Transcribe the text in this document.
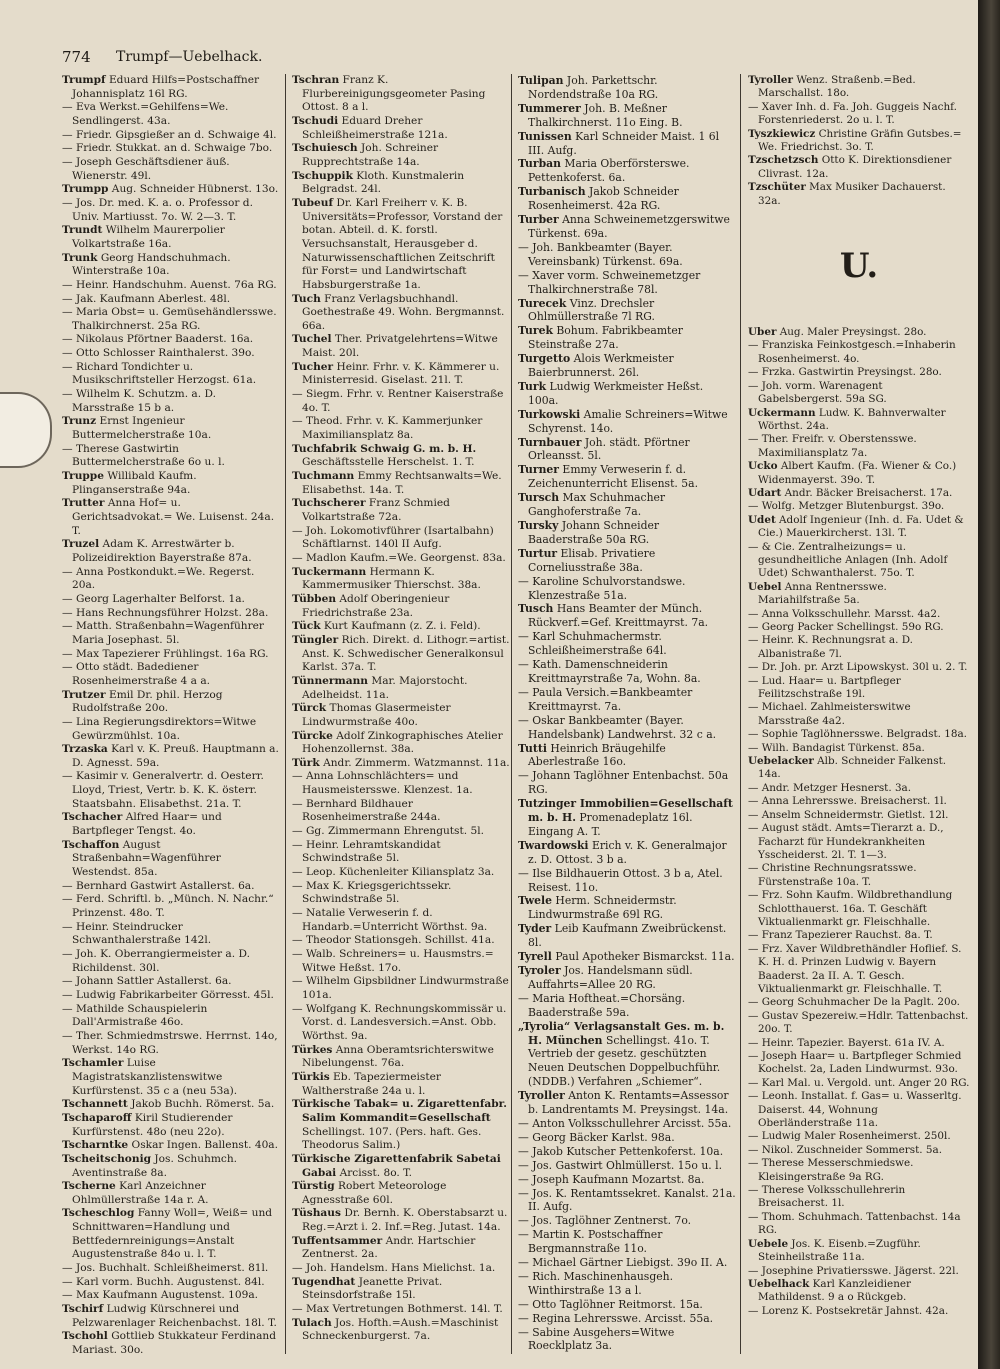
774 Trumpf—Uebelhack.

Trumpf Eduard Hilfs=Postschaffner Johannisplatz 16l RG.

— Eva Werkst.=Gehilfens=We. Sendlingerst. 43a.

— Friedr. Gipsgießer an d. Schwaige 4l.

— Friedr. Stukkat. an d. Schwaige 7bo.

— Joseph Geschäftsdiener äuß. Wienerstr. 49l.

Trumpp Aug. Schneider Hübnerst. 13o.

— Jos. Dr. med. K. a. o. Professor d. Univ. Martiusst. 7o. W. 2—3. T.

Trundt Wilhelm Maurerpolier Volkartstraße 16a.

Trunk Georg Handschuhmach. Winterstraße 10a.

— Heinr. Handschuhm. Auenst. 76a RG.

— Jak. Kaufmann Aberlest. 48l.

— Maria Obst= u. Gemüsehändlersswe. Thalkirchnerst. 25a RG.

— Nikolaus Pförtner Baaderst. 16a.

— Otto Schlosser Rainthalerst. 39o.

— Richard Tondichter u. Musikschriftsteller Herzogst. 61a.

— Wilhelm K. Schutzm. a. D. Marsstraße 15 b a.

Trunz Ernst Ingenieur Buttermelcherstraße 10a.

— Therese Gastwirtin Buttermelcherstraße 6o u. l.

Truppe Willibald Kaufm. Plinganserstraße 94a.

Trutter Anna Hof= u. Gerichtsadvokat.= We. Luisenst. 24a. T.

Truzel Adam K. Arrestwärter b. Polizeidirektion Bayerstraße 87a.

— Anna Postkondukt.=We. Regerst. 20a.

— Georg Lagerhalter Belforst. 1a.

— Hans Rechnungsführer Holzst. 28a.

— Matth. Straßenbahn=Wagenführer Maria Josephast. 5l.

— Max Tapezierer Frühlingst. 16a RG.

— Otto städt. Badediener Rosenheimerstraße 4 a a.

Trutzer Emil Dr. phil. Herzog Rudolfstraße 20o.

— Lina Regierungsdirektors=Witwe Gewürzmühlst. 10a.

Trzaska Karl v. K. Preuß. Hauptmann a. D. Agnesst. 59a.

— Kasimir v. Generalvertr. d. Oesterr. Lloyd, Triest, Vertr. b. K. K. österr. Staatsbahn. Elisabethst. 21a. T.

Tschacher Alfred Haar= und Bartpfleger Tengst. 4o.

Tschaffon August Straßenbahn=Wagenführer Westendst. 85a.

— Bernhard Gastwirt Astallerst. 6a.

— Ferd. Schriftl. b. „Münch. N. Nachr.“ Prinzenst. 48o. T.

— Heinr. Steindrucker Schwanthalerstraße 142l.

— Joh. K. Oberrangiermeister a. D. Richildenst. 30l.

— Johann Sattler Astallerst. 6a.

— Ludwig Fabrikarbeiter Görresst. 45l.

— Mathilde Schauspielerin Dall'Armistraße 46o.

— Ther. Schmiedmstrswe. Herrnst. 14o, Werkst. 14o RG.

Tschamler Luise Magistratskanzlistenswitwe Kurfürstenst. 35 c a (neu 53a).

Tschannett Jakob Buchh. Römerst. 5a.

Tschaparoff Kiril Studierender Kurfürstenst. 48o (neu 22o).

Tscharntke Oskar Ingen. Ballenst. 40a.

Tscheitschonig Jos. Schuhmch. Aventinstraße 8a.

Tscherne Karl Anzeichner Ohlmüllerstraße 14a r. A.

Tscheschlog Fanny Woll=, Weiß= und Schnittwaren=Handlung und Bettfedernreinigungs=Anstalt Augustenstraße 84o u. l. T.

— Jos. Buchhalt. Schleißheimerst. 81l.

— Karl vorm. Buchh. Augustenst. 84l.

— Max Kaufmann Augustenst. 109a.

Tschirf Ludwig Kürschnerei und Pelzwarenlager Reichenbachst. 18l. T.

Tschohl Gottlieb Stukkateur Ferdinand Mariast. 30o.

Tschran Franz K. Flurbereinigungsgeometer Pasing Ottost. 8 a l.

Tschudi Eduard Dreher Schleißheimerstraße 121a.

Tschuiesch Joh. Schreiner Rupprechtstraße 14a.

Tschuppik Kloth. Kunstmalerin Belgradst. 24l.

Tubeuf Dr. Karl Freiherr v. K. B. Universitäts=Professor, Vorstand der botan. Abteil. d. K. forstl. Versuchsanstalt, Herausgeber d. Naturwissenschaftlichen Zeitschrift für Forst= und Landwirtschaft Habsburgerstraße 1a.

Tuch Franz Verlagsbuchhandl. Goethestraße 49. Wohn. Bergmannst. 66a.

Tuchel Ther. Privatgelehrtens=Witwe Maist. 20l.

Tucher Heinr. Frhr. v. K. Kämmerer u. Ministerresid. Giselast. 21l. T.

— Siegm. Frhr. v. Rentner Kaiserstraße 4o. T.

— Theod. Frhr. v. K. Kammerjunker Maximiliansplatz 8a.

Tuchfabrik Schwaig G. m. b. H. Geschäftsstelle Herschelst. 1. T.

Tuchmann Emmy Rechtsanwalts=We. Elisabethst. 14a. T.

Tuchscherer Franz Schmied Volkartstraße 72a.

— Joh. Lokomotivführer (Isartalbahn) Schäftlarnst. 140l II Aufg.

— Madlon Kaufm.=We. Georgenst. 83a.

Tuckermann Hermann K. Kammermusiker Thierschst. 38a.

Tübben Adolf Oberingenieur Friedrichstraße 23a.

Tück Kurt Kaufmann (z. Z. i. Feld).

Tüngler Rich. Direkt. d. Lithogr.=artist. Anst. K. Schwedischer Generalkonsul Karlst. 37a. T.

Tünnermann Mar. Majorstocht. Adelheidst. 11a.

Türck Thomas Glasermeister Lindwurmstraße 40o.

Türcke Adolf Zinkographisches Atelier Hohenzollernst. 38a.

Türk Andr. Zimmerm. Watzmannst. 11a.

— Anna Lohnschlächters= und Hausmeistersswe. Klenzest. 1a.

— Bernhard Bildhauer Rosenheimerstraße 244a.

— Gg. Zimmermann Ehrengutst. 5l.

— Heinr. Lehramtskandidat Schwindstraße 5l.

— Leop. Küchenleiter Kiliansplatz 3a.

— Max K. Kriegsgerichtssekr. Schwindstraße 5l.

— Natalie Verweserin f. d. Handarb.=Unterricht Wörthst. 9a.

— Theodor Stationsgeh. Schillst. 41a.

— Walb. Schreiners= u. Hausmstrs.= Witwe Heßst. 17o.

— Wilhelm Gipsbildner Lindwurmstraße 101a.

— Wolfgang K. Rechnungskommissär u. Vorst. d. Landesversich.=Anst. Obb. Wörthst. 9a.

Türkes Anna Oberamtsrichterswitwe Nibelungenst. 76a.

Türkis Eb. Tapeziermeister Waltherstraße 24a u. l.

Türkische Tabak= u. Zigarettenfabr. Salim Kommandit=Gesellschaft Schellingst. 107. (Pers. haft. Ges. Theodorus Salim.)

Türkische Zigarettenfabrik Sabetai Gabai Arcisst. 8o. T.

Türstig Robert Meteorologe Agnesstraße 60l.

Tüshaus Dr. Bernh. K. Oberstabsarzt u. Reg.=Arzt i. 2. Inf.=Reg. Jutast. 14a.

Tuffentsammer Andr. Hartschier Zentnerst. 2a.

— Joh. Handelsm. Hans Mielichst. 1a.

Tugendhat Jeanette Privat. Steinsdorfstraße 15l.

— Max Vertretungen Bothmerst. 14l. T.

Tulach Jos. Hofth.=Aush.=Maschinist Schneckenburgerst. 7a.

Tulipan Joh. Parkettschr. Nordendstraße 10a RG.

Tummerer Joh. B. Meßner Thalkirchnerst. 11o Eing. B.

Tunissen Karl Schneider Maist. 1 6l III. Aufg.

Turban Maria Oberförsterswe. Pettenkoferst. 6a.

Turbanisch Jakob Schneider Rosenheimerst. 42a RG.

Turber Anna Schweinemetzgerswitwe Türkenst. 69a.

— Joh. Bankbeamter (Bayer. Vereinsbank) Türkenst. 69a.

— Xaver vorm. Schweinemetzger Thalkirchnerstraße 78l.

Turecek Vinz. Drechsler Ohlmüllerstraße 7l RG.

Turek Bohum. Fabrikbeamter Steinstraße 27a.

Turgetto Alois Werkmeister Baierbrunnerst. 26l.

Turk Ludwig Werkmeister Heßst. 100a.

Turkowski Amalie Schreiners=Witwe Schyrenst. 14o.

Turnbauer Joh. städt. Pförtner Orleansst. 5l.

Turner Emmy Verweserin f. d. Zeichenunterricht Elisenst. 5a.

Tursch Max Schuhmacher Ganghoferstraße 7a.

Tursky Johann Schneider Baaderstraße 50a RG.

Turtur Elisab. Privatiere Corneliusstraße 38a.

— Karoline Schulvorstandswe. Klenzestraße 51a.

Tusch Hans Beamter der Münch. Rückverf.=Gef. Kreittmayrst. 7a.

— Karl Schuhmachermstr. Schleißheimerstraße 64l.

— Kath. Damenschneiderin Kreittmayrstraße 7a, Wohn. 8a.

— Paula Versich.=Bankbeamter Kreittmayrst. 7a.

— Oskar Bankbeamter (Bayer. Handelsbank) Landwehrst. 32 c a.

Tutti Heinrich Bräugehilfe Aberlestraße 16o.

— Johann Taglöhner Entenbachst. 50a RG.

Tutzinger Immobilien=Gesellschaft m. b. H. Promenadeplatz 16l. Eingang A. T.

Twardowski Erich v. K. Generalmajor z. D. Ottost. 3 b a.

— Ilse Bildhauerin Ottost. 3 b a, Atel. Reisest. 11o.

Twele Herm. Schneidermstr. Lindwurmstraße 69l RG.

Tyder Leib Kaufmann Zweibrückenst. 8l.

Tyrell Paul Apotheker Bismarckst. 11a.

Tyroler Jos. Handelsmann südl. Auffahrts=Allee 20 RG.

— Maria Hoftheat.=Chorsäng. Baaderstraße 59a.

„Tyrolia“ Verlagsanstalt Ges. m. b. H. München Schellingst. 41o. T. Vertrieb der gesetz. geschützten Neuen Deutschen Doppelbuchführ. (NDDB.) Verfahren „Schiemer“.

Tyroller Anton K. Rentamts=Assessor b. Landrentamts M. Preysingst. 14a.

— Anton Volksschullehrer Arcisst. 55a.

— Georg Bäcker Karlst. 98a.

— Jakob Kutscher Pettenkoferst. 10a.

— Jos. Gastwirt Ohlmüllerst. 15o u. l.

— Joseph Kaufmann Mozartst. 8a.

— Jos. K. Rentamtssekret. Kanalst. 21a. II. Aufg.

— Jos. Taglöhner Zentnerst. 7o.

— Martin K. Postschaffner Bergmannstraße 11o.

— Michael Gärtner Liebigst. 39o II. A.

— Rich. Maschinenhausgeh. Winthirstraße 13 a l.

— Otto Taglöhner Reitmorst. 15a.

— Regina Lehrersswe. Arcisst. 55a.

— Sabine Ausgehers=Witwe Roecklplatz 3a.

Tyroller Wenz. Straßenb.=Bed. Marschallst. 18o.

— Xaver Inh. d. Fa. Joh. Guggeis Nachf. Forstenriederst. 2o u. l. T.

Tyszkiewicz Christine Gräfin Gutsbes.= We. Friedrichst. 3o. T.

Tzschetzsch Otto K. Direktionsdiener Clivrast. 12a.

Tzschüter Max Musiker Dachauerst. 32a.

U.

Uber Aug. Maler Preysingst. 28o.

— Franziska Feinkostgesch.=Inhaberin Rosenheimerst. 4o.

— Frzka. Gastwirtin Preysingst. 28o.

— Joh. vorm. Warenagent Gabelsbergerst. 59a SG.

Uckermann Ludw. K. Bahnverwalter Wörthst. 24a.

— Ther. Freifr. v. Oberstensswe. Maximiliansplatz 7a.

Ucko Albert Kaufm. (Fa. Wiener & Co.) Widenmayerst. 39o. T.

Udart Andr. Bäcker Breisacherst. 17a.

— Wolfg. Metzger Blutenburgst. 39o.

Udet Adolf Ingenieur (Inh. d. Fa. Udet & Cie.) Mauerkircherst. 13l. T.

— & Cie. Zentralheizungs= u. gesundheitliche Anlagen (Inh. Adolf Udet) Schwanthalerst. 75o. T.

Uebel Anna Rentnersswe. Mariahilfstraße 5a.

— Anna Volksschullehr. Marsst. 4a2.

— Georg Packer Schellingst. 59o RG.

— Heinr. K. Rechnungsrat a. D. Albanistraße 7l.

— Dr. Joh. pr. Arzt Lipowskyst. 30l u. 2. T.

— Lud. Haar= u. Bartpfleger Feilitzschstraße 19l.

— Michael. Zahlmeisterswitwe Marsstraße 4a2.

— Sophie Taglöhnersswe. Belgradst. 18a.

— Wilh. Bandagist Türkenst. 85a.

Uebelacker Alb. Schneider Falkenst. 14a.

— Andr. Metzger Hesnerst. 3a.

— Anna Lehrersswe. Breisacherst. 1l.

— Anselm Schneidermstr. Gietlst. 12l.

— August städt. Amts=Tierarzt a. D., Facharzt für Hundekrankheiten Ysscheiderst. 2l. T. 1—3.

— Christine Rechnungsratsswe. Fürstenstraße 10a. T.

— Frz. Sohn Kaufm. Wildbrethandlung Schlotthauerst. 16a. T. Geschäft Viktualienmarkt gr. Fleischhalle.

— Franz Tapezierer Rauchst. 8a. T.

— Frz. Xaver Wildbrethändler Hoflief. S. K. H. d. Prinzen Ludwig v. Bayern Baaderst. 2a II. A. T. Gesch. Viktualienmarkt gr. Fleischhalle. T.

— Georg Schuhmacher De la Paglt. 20o.

— Gustav Spezereiw.=Hdlr. Tattenbachst. 20o. T.

— Heinr. Tapezier. Bayerst. 61a IV. A.

— Joseph Haar= u. Bartpfleger Schmied Kochelst. 2a, Laden Lindwurmst. 93o.

— Karl Mal. u. Vergold. unt. Anger 20 RG.

— Leonh. Installat. f. Gas= u. Wasserltg. Daiserst. 44, Wohnung Oberländerstraße 11a.

— Ludwig Maler Rosenheimerst. 250l.

— Nikol. Zuschneider Sommerst. 5a.

— Therese Messerschmiedswe. Kleisingerstraße 9a RG.

— Therese Volksschullehrerin Breisacherst. 1l.

— Thom. Schuhmach. Tattenbachst. 14a RG.

Uebele Jos. K. Eisenb.=Zugführ. Steinheilstraße 11a.

— Josephine Privatiersswe. Jägerst. 22l.

Uebelhack Karl Kanzleidiener Mathildenst. 9 a o Rückgeb.

— Lorenz K. Postsekretär Jahnst. 42a.
